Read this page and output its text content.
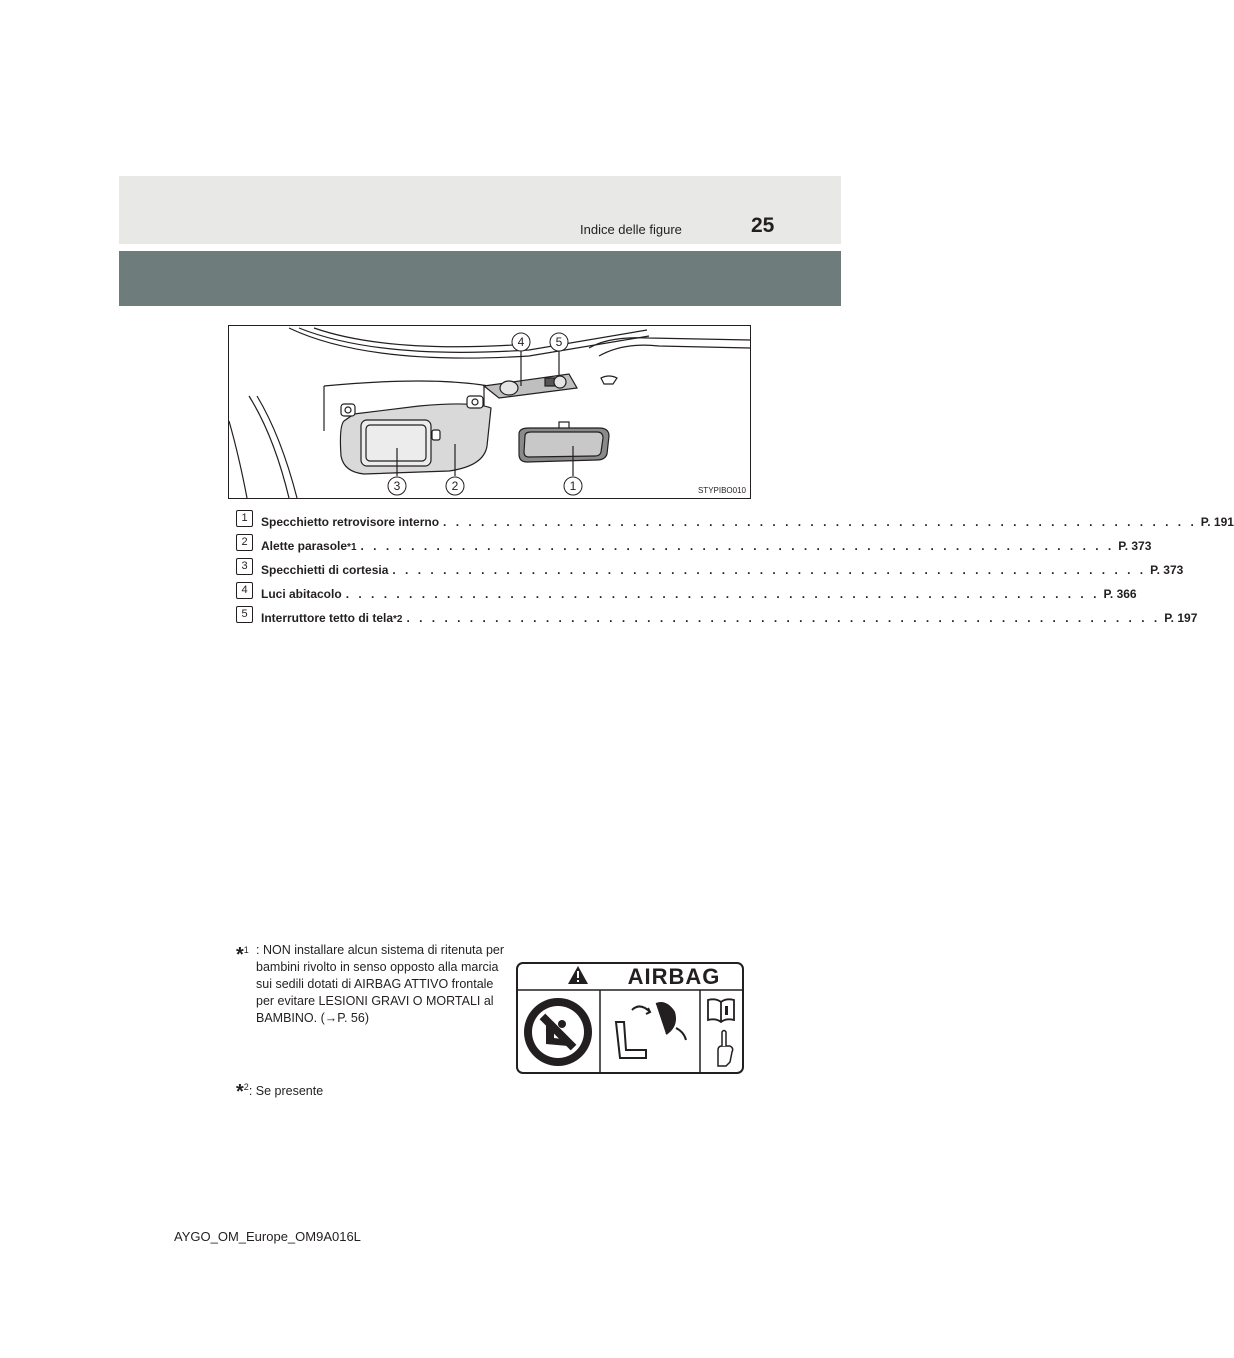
Indice delle figure	25
3	2	1
4	5
STYPIBO010
1	Specchietto retrovisore interno . . .	P. 191
2	Alette parasole *1 . . .	P. 373
3	Specchietti di cortesia . . .	P. 373
4	Luci abitacolo . . .	P. 366
5	Interruttore tetto di tela *2 . . .	P. 197
*$^1$ : NON installare alcun sistema di ritenuta per bambini rivolto in senso opposto alla marcia sui sedili dotati di AIRBAG ATTIVO frontale per evitare LESIONI GRAVI O MORTALI al BAMBINO. (→P. 56)
*$^2$: Se presente
AIRBAG
AYGO_OM_Europe_OM9A016L
